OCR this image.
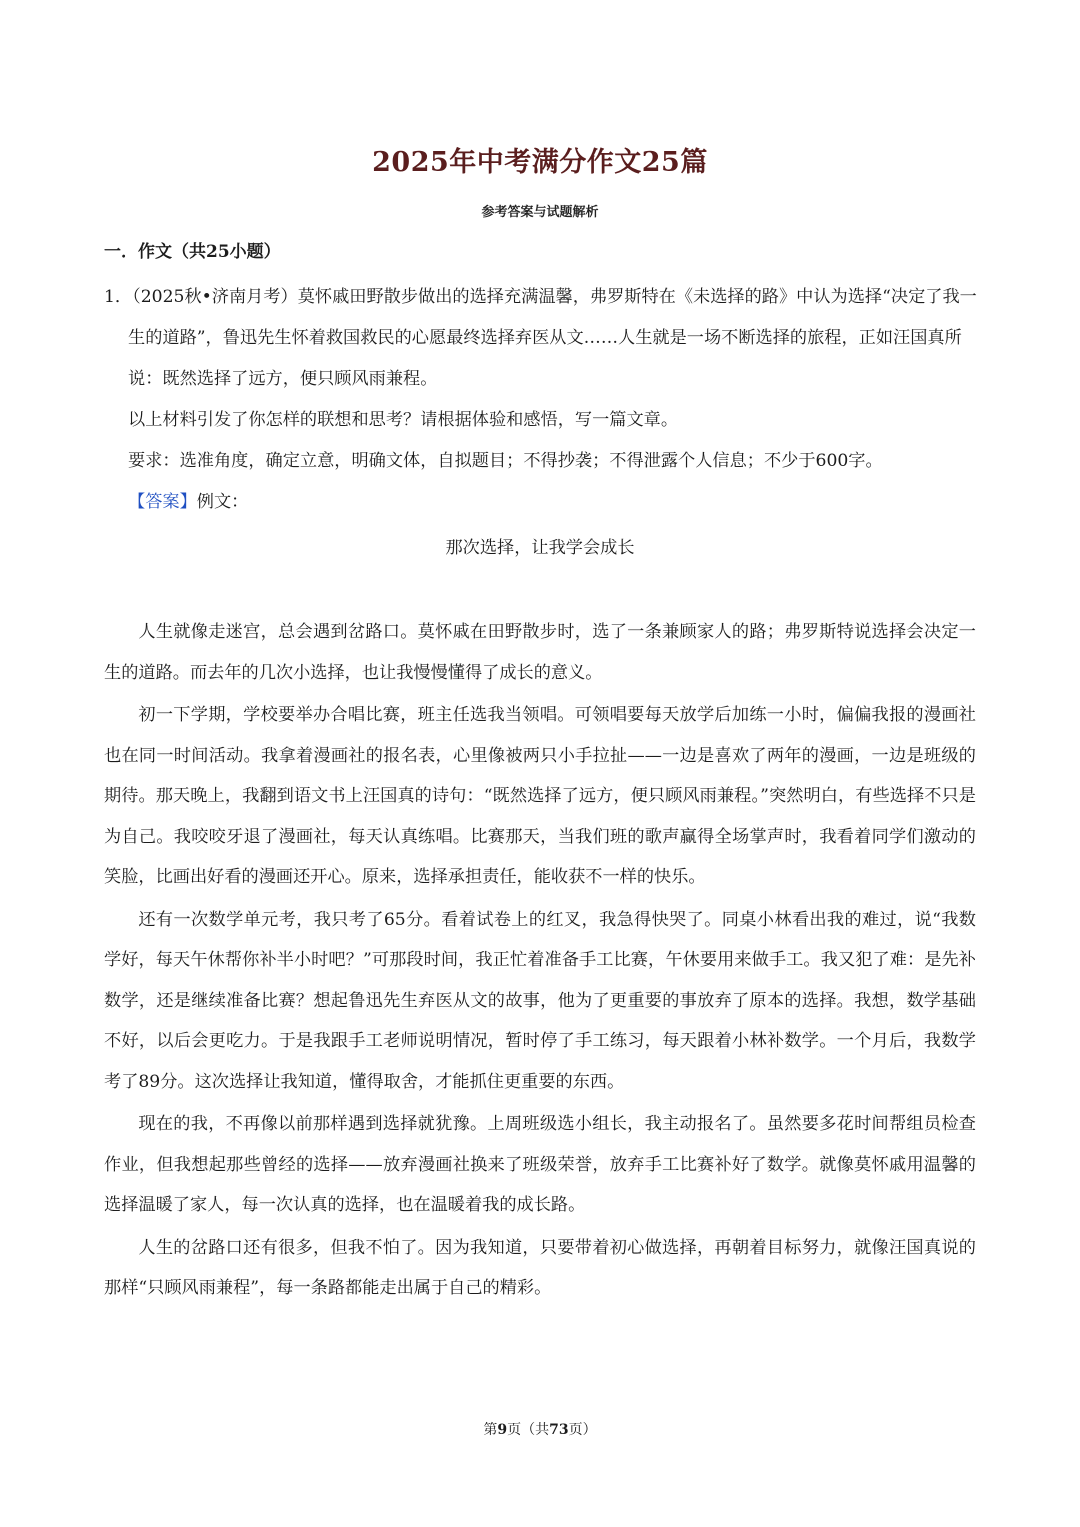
2025年中考满分作文25篇
参考答案与试题解析
一．作文（共25小题）

1．（2025秋•济南月考）莫怀戚田野散步做出的选择充满温馨，弗罗斯特在《未选择的路》中认为选择“决定了我一生的道路”，鲁迅先生怀着救国救民的心愿最终选择弃医从文……人生就是一场不断选择的旅程，正如汪国真所说：既然选择了远方，便只顾风雨兼程。

以上材料引发了你怎样的联想和思考？请根据体验和感悟，写一篇文章。

要求：选准角度，确定立意，明确文体，自拟题目；不得抄袭；不得泄露个人信息；不少于600字。

【答案】例文：

那次选择，让我学会成长

人生就像走迷宫，总会遇到岔路口。莫怀戚在田野散步时，选了一条兼顾家人的路；弗罗斯特说选择会决定一生的道路。而去年的几次小选择，也让我慢慢懂得了成长的意义。

初一下学期，学校要举办合唱比赛，班主任选我当领唱。可领唱要每天放学后加练一小时，偏偏我报的漫画社也在同一时间活动。我拿着漫画社的报名表，心里像被两只小手拉扯——一边是喜欢了两年的漫画，一边是班级的期待。那天晚上，我翻到语文书上汪国真的诗句：“既然选择了远方，便只顾风雨兼程。”突然明白，有些选择不只是为自己。我咬咬牙退了漫画社，每天认真练唱。比赛那天，当我们班的歌声赢得全场掌声时，我看着同学们激动的笑脸，比画出好看的漫画还开心。原来，选择承担责任，能收获不一样的快乐。

还有一次数学单元考，我只考了65分。看着试卷上的红叉，我急得快哭了。同桌小林看出我的难过，说“我数学好，每天午休帮你补半小时吧？”可那段时间，我正忙着准备手工比赛，午休要用来做手工。我又犯了难：是先补数学，还是继续准备比赛？想起鲁迅先生弃医从文的故事，他为了更重要的事放弃了原本的选择。我想，数学基础不好，以后会更吃力。于是我跟手工老师说明情况，暂时停了手工练习，每天跟着小林补数学。一个月后，我数学考了89分。这次选择让我知道，懂得取舍，才能抓住更重要的东西。

现在的我，不再像以前那样遇到选择就犹豫。上周班级选小组长，我主动报名了。虽然要多花时间帮组员检查作业，但我想起那些曾经的选择——放弃漫画社换来了班级荣誉，放弃手工比赛补好了数学。就像莫怀戚用温馨的选择温暖了家人，每一次认真的选择，也在温暖着我的成长路。

人生的岔路口还有很多，但我不怕了。因为我知道，只要带着初心做选择，再朝着目标努力，就像汪国真说的那样“只顾风雨兼程”，每一条路都能走出属于自己的精彩。

第9页（共73页）
